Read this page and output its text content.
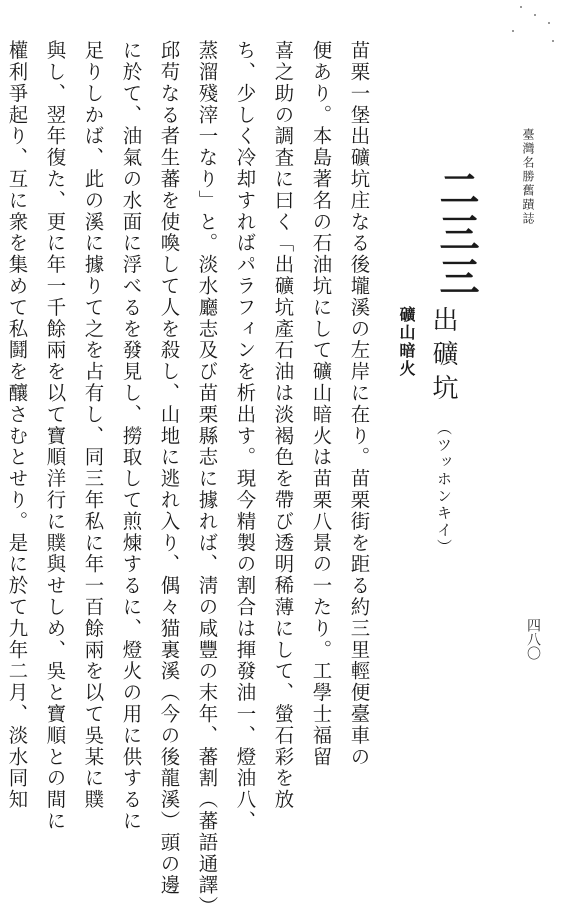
臺灣名勝舊蹟誌
四八〇
二三三
出礦坑
（ツッホンキイ）
礦山暗火
苗栗一堡出礦坑庄なる後壠溪の左岸に在り。苗栗街を距る約三里輕便臺車の
便あり。本島著名の石油坑にして礦山暗火は苗栗八景の一たり。工學士福留
喜之助の調査に曰く「出礦坑產石油は淡褐色を帶び透明稀薄にして、螢石彩を放
ち、少しく冷却すればパラフィンを析出す。現今精製の割合は揮發油一、燈油八、
蒸溜殘滓一なり」と。淡水廳志及び苗栗縣志に據れば、淸の咸豐の末年、蕃割（蕃語通譯）
邱苟なる者生蕃を使喚して人を殺し、山地に逃れ入り、偶々猫裏溪（今の後龍溪）頭の邊
に於て、油氣の水面に浮べるを發見し、撈取して煎煉するに、燈火の用に供するに
足りしかば、此の溪に據りて之を占有し、同三年私に年一百餘兩を以て吳某に贌
與し、翌年復た、更に年一千餘兩を以て寶順洋行に贌與せしめ、吳と寶順との間に
權利爭起り、互に衆を集めて私鬪を釀さむとせり。是に於て九年二月、淡水同知
